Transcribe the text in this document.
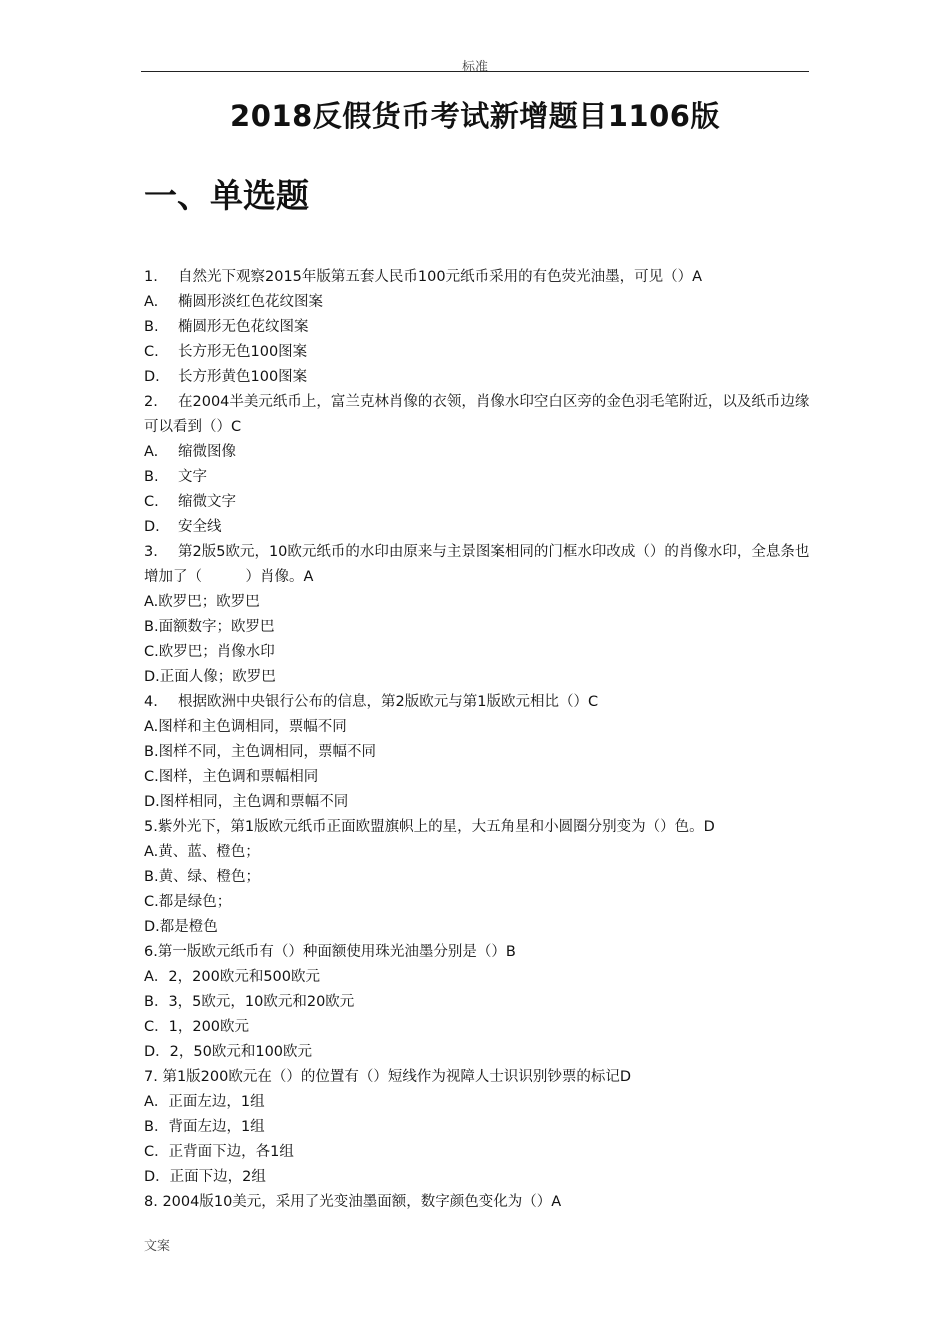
标准
2018反假货币考试新增题目1106版
一、单选题

1. 自然光下观察2015年版第五套人民币100元纸币采用的有色荧光油墨，可见（）A

A. 椭圆形淡红色花纹图案

B. 椭圆形无色花纹图案

C. 长方形无色100图案

D. 长方形黄色100图案

2. 在2004半美元纸币上，富兰克林肖像的衣领，肖像水印空白区旁的金色羽毛笔附近，以及纸币边缘可以看到（）C

A. 缩微图像

B. 文字

C. 缩微文字

D. 安全线

3. 第2版5欧元，10欧元纸币的水印由原来与主景图案相同的门框水印改成（）的肖像水印，全息条也增加了（　　　）肖像。A

A.欧罗巴；欧罗巴

B.面额数字；欧罗巴

C.欧罗巴；肖像水印

D.正面人像；欧罗巴

4. 根据欧洲中央银行公布的信息，第2版欧元与第1版欧元相比（）C

A.图样和主色调相同，票幅不同

B.图样不同，主色调相同，票幅不同

C.图样，主色调和票幅相同

D.图样相同，主色调和票幅不同

5.紫外光下，第1版欧元纸币正面欧盟旗帜上的星，大五角星和小圆圈分别变为（）色。D

A.黄、蓝、橙色；

B.黄、绿、橙色；

C.都是绿色；

D.都是橙色

6.第一版欧元纸币有（）种面额使用珠光油墨分别是（）B

A．2，200欧元和500欧元

B．3，5欧元，10欧元和20欧元

C．1，200欧元

D．2，50欧元和100欧元

7. 第1版200欧元在（）的位置有（）短线作为视障人士识识别钞票的标记D

A．正面左边，1组

B．背面左边，1组

C．正背面下边，各1组

D．正面下边，2组

8. 2004版10美元，采用了光变油墨面额，数字颜色变化为（）A

文案
